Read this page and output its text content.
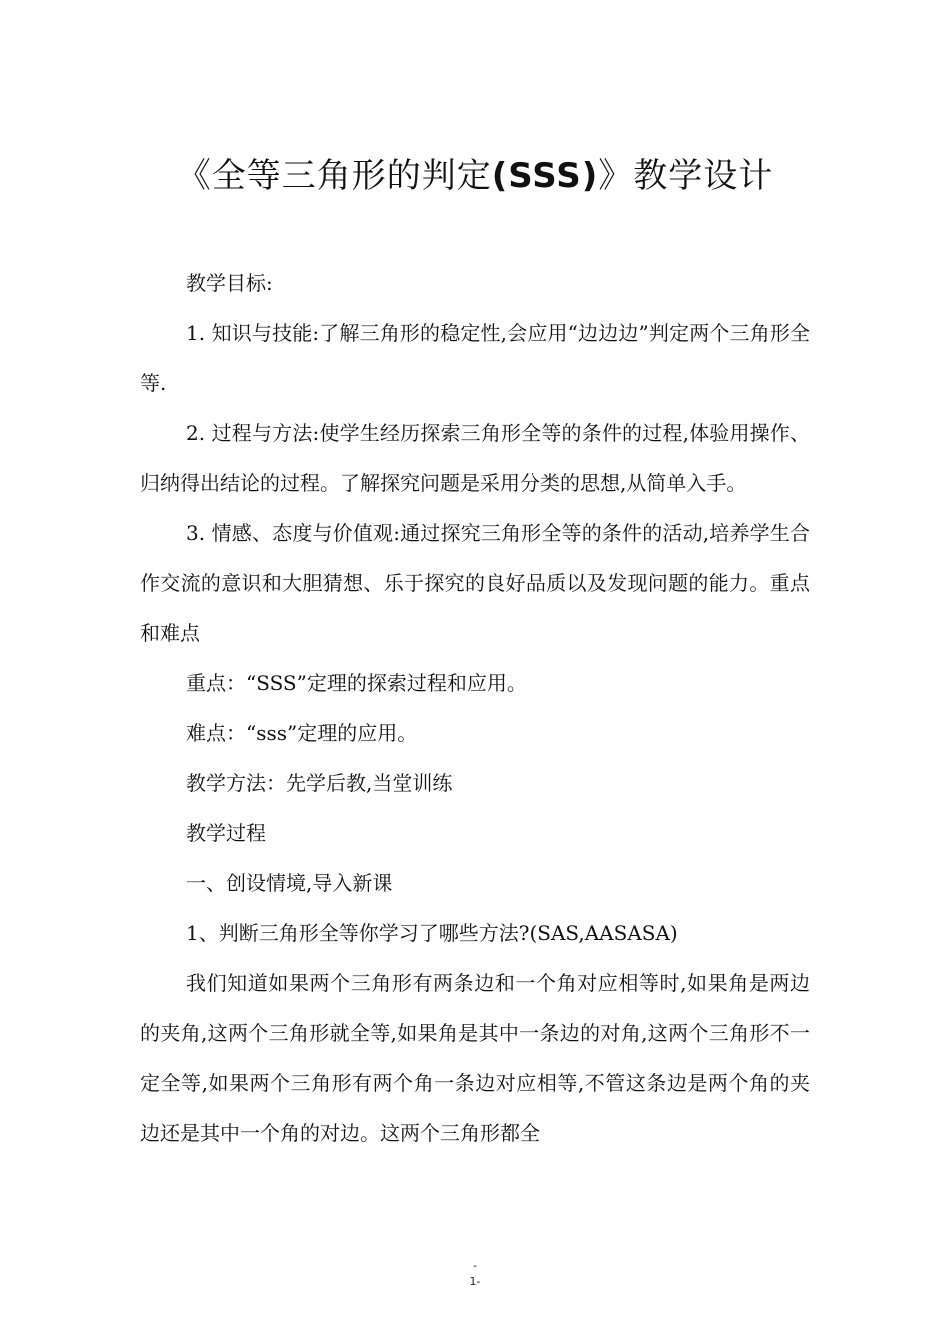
《全等三角形的判定(SSS)》教学设计

教学目标:

1. 知识与技能:了解三角形的稳定性,会应用“边边边”判定两个三角形全等.

2. 过程与方法:使学生经历探索三角形全等的条件的过程,体验用操作、归纳得出结论的过程。了解探究问题是采用分类的思想,从简单入手。

3. 情感、态度与价值观:通过探究三角形全等的条件的活动,培养学生合作交流的意识和大胆猜想、乐于探究的良好品质以及发现问题的能力。重点和难点

重点：“SSS”定理的探索过程和应用。

难点：“sss”定理的应用。

教学方法：先学后教,当堂训练

教学过程

一、创设情境,导入新课

1、判断三角形全等你学习了哪些方法?(SAS,AASASA)

我们知道如果两个三角形有两条边和一个角对应相等时,如果角是两边的夹角,这两个三角形就全等,如果角是其中一条边的对角,这两个三角形不一定全等,如果两个三角形有两个角一条边对应相等,不管这条边是两个角的夹边还是其中一个角的对边。这两个三角形都全

-
1-
